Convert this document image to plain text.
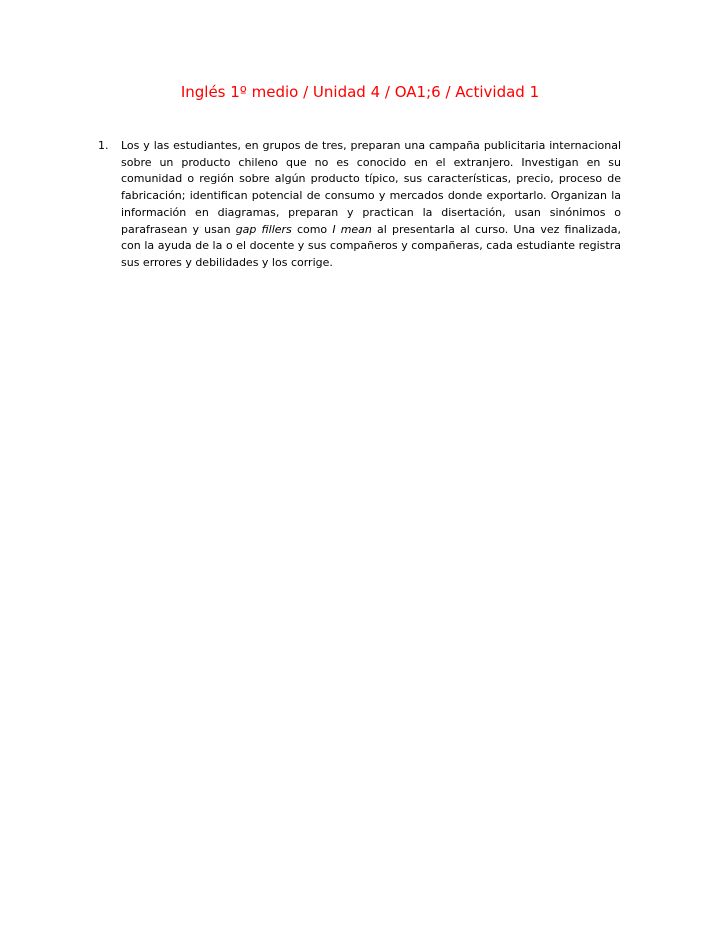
Inglés 1º medio / Unidad 4 / OA1;6 / Actividad 1
1.	Los y las estudiantes, en grupos de tres, preparan una campaña publicitaria internacional sobre un producto chileno que no es conocido en el extranjero. Investigan en su comunidad o región sobre algún producto típico, sus características, precio, proceso de fabricación; identifican potencial de consumo y mercados donde exportarlo. Organizan la información en diagramas, preparan y practican la disertación, usan sinónimos o parafrasean y usan gap fillers como I mean al presentarla al curso. Una vez finalizada, con la ayuda de la o el docente y sus compañeros y compañeras, cada estudiante registra sus errores y debilidades y los corrige.
